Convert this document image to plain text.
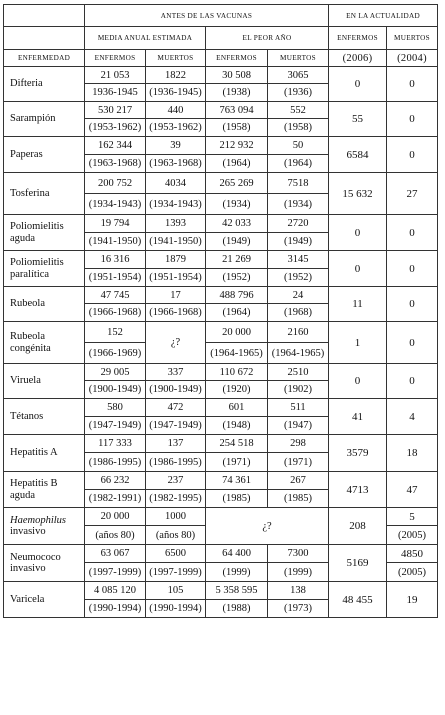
	ANTES DE LAS VACUNAS				EN LA ACTUALIDAD	
	MEDIA ANUAL ESTIMADA		EL PEOR AÑO		ENFERMOS	MUERTOS
ENFERMEDAD	ENFERMOS	MUERTOS	ENFERMOS	MUERTOS	(2006)	(2004)
Difteria	21 053	1822	30 508	3065	0	0
	1936-1945	(1936-1945)	(1938)	(1936)		
Sarampión	530 217	440	763 094	552	55	0
	(1953-1962)	(1953-1962)	(1958)	(1958)		
Paperas	162 344	39	212 932	50	6584	0
	(1963-1968)	(1963-1968)	(1964)	(1964)		
Tosferina	200 752	4034	265 269	7518	15 632	27
	(1934-1943)	(1934-1943)	(1934)	(1934)		
Poliomielitis aguda	19 794	1393	42 033	2720	0	0
	(1941-1950)	(1941-1950)	(1949)	(1949)		
Poliomielitis paralítica	16 316	1879	21 269	3145	0	0
	(1951-1954)	(1951-1954)	(1952)	(1952)		
Rubeola	47 745	17	488 796	24	11	0
	(1966-1968)	(1966-1968)	(1964)	(1968)		
Rubeola congénita	152	¿?	20 000	2160	1	0
	(1966-1969)		(1964-1965)	(1964-1965)		
Viruela	29 005	337	110 672	2510	0	0
	(1900-1949)	(1900-1949)	(1920)	(1902)		
Tétanos	580	472	601	511	41	4
	(1947-1949)	(1947-1949)	(1948)	(1947)		
Hepatitis A	117 333	137	254 518	298	3579	18
	(1986-1995)	(1986-1995)	(1971)	(1971)		
Hepatitis B aguda	66 232	237	74 361	267	4713	47
	(1982-1991)	(1982-1995)	(1985)	(1985)		
Haemophilus
invasivo	20 000	1000	¿?		208	5
	(años 80)	(años 80)				(2005)
Neumococo invasivo	63 067	6500	64 400	7300	5169	4850
	(1997-1999)	(1997-1999)	(1999)	(1999)		(2005)
Varicela	4 085 120	105	5 358 595	138	48 455	19
	(1990-1994)	(1990-1994)	(1988)	(1973)		
